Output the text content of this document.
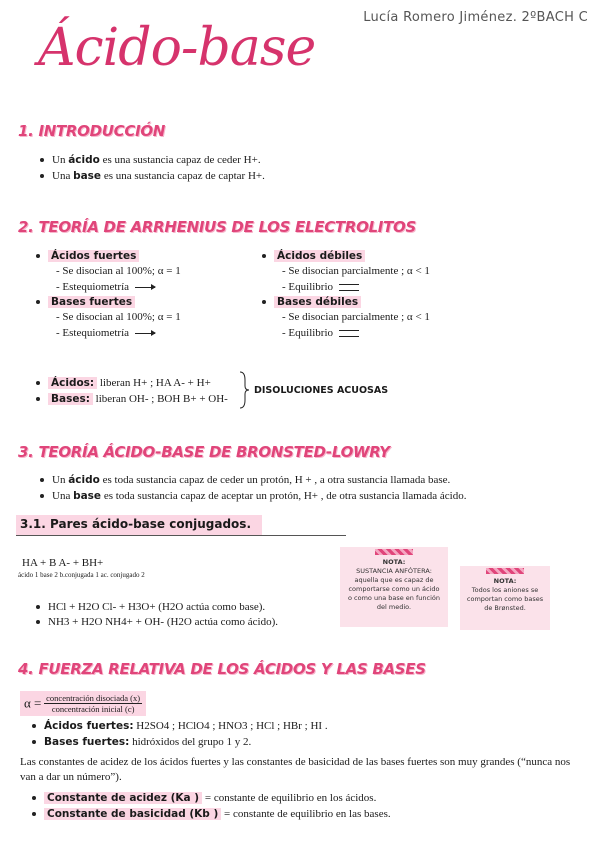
Lucía Romero Jiménez. 2ºBACH C
Ácido-base
1. INTRODUCCIÓN
Un ácido es una sustancia capaz de ceder H+.
Una base es una sustancia capaz de captar H+.
2. TEORÍA DE ARRHENIUS DE LOS ELECTROLITOS
Ácidos fuertes
- Se disocian al 100%; α = 1
- Estequiometría
Bases fuertes
- Se disocian al 100%; α = 1
- Estequiometría
Ácidos débiles
- Se disocian parcialmente ; α < 1
- Equilibrio
Bases débiles
- Se disocian parcialmente ; α < 1
- Equilibrio
Ácidos: liberan H+ ; HA A- + H+
Bases: liberan OH- ; BOH B+ + OH-
DISOLUCIONES ACUOSAS
3. TEORÍA ÁCIDO-BASE DE BRONSTED-LOWRY
Un ácido es toda sustancia capaz de ceder un protón, H + , a otra sustancia llamada base.
Una base es toda sustancia capaz de aceptar un protón, H+ , de otra sustancia llamada ácido.
3.1. Pares ácido-base conjugados.
HA + B A- + BH+
ácido 1 base 2 b.conjugada 1 ac. conjugado 2
HCl + H2O Cl- + H3O+ (H2O actúa como base).
NH3 + H2O NH4+ + OH- (H2O actúa como ácido).
NOTA:
SUSTANCIA ANFÓTERA: aquella que es capaz de comportarse como un ácido o como una base en función del medio.
NOTA:
Todos los aniones se comportan como bases de Brønsted.
4. FUERZA RELATIVA DE LOS ÁCIDOS Y LAS BASES
$\alpha = \frac{\text{concentración disociada (x)}}{\text{concentración inicial (c)}}$
Ácidos fuertes: H2SO4 ; HClO4 ; HNO3 ; HCl ; HBr ; HI .
Bases fuertes: hidróxidos del grupo 1 y 2.
Las constantes de acidez de los ácidos fuertes y las constantes de basicidad de las bases fuertes son muy grandes (“nunca nos van a dar un número”).
Constante de acidez (Ka ) = constante de equilibrio en los ácidos.
Constante de basicidad (Kb ) = constante de equilibrio en las bases.
